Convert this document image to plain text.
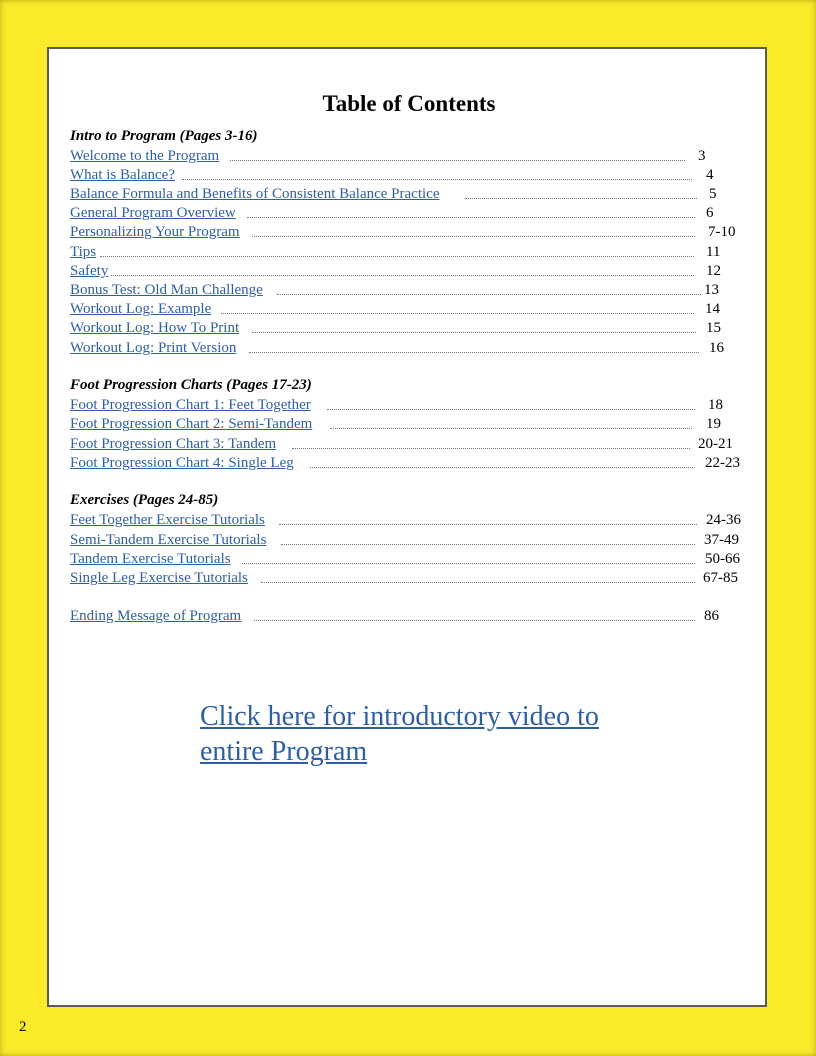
Table of Contents
Intro to Program (Pages 3-16)
Welcome to the Program	3
What is Balance?	4
Balance Formula and Benefits of Consistent Balance Practice	5
General Program Overview	6
Personalizing Your Program	7-10
Tips	11
Safety	12
Bonus Test: Old Man Challenge	13
Workout Log: Example	14
Workout Log: How To Print	15
Workout Log: Print Version	16
Foot Progression Charts (Pages 17-23)
Foot Progression Chart 1: Feet Together	18
Foot Progression Chart 2: Semi-Tandem	19
Foot Progression Chart 3: Tandem	20-21
Foot Progression Chart 4: Single Leg	22-23
Exercises (Pages 24-85)
Feet Together Exercise Tutorials	24-36
Semi-Tandem Exercise Tutorials	37-49
Tandem Exercise Tutorials	50-66
Single Leg Exercise Tutorials	67-85
Ending Message of Program	86
Click here for introductory video to entire Program
2
